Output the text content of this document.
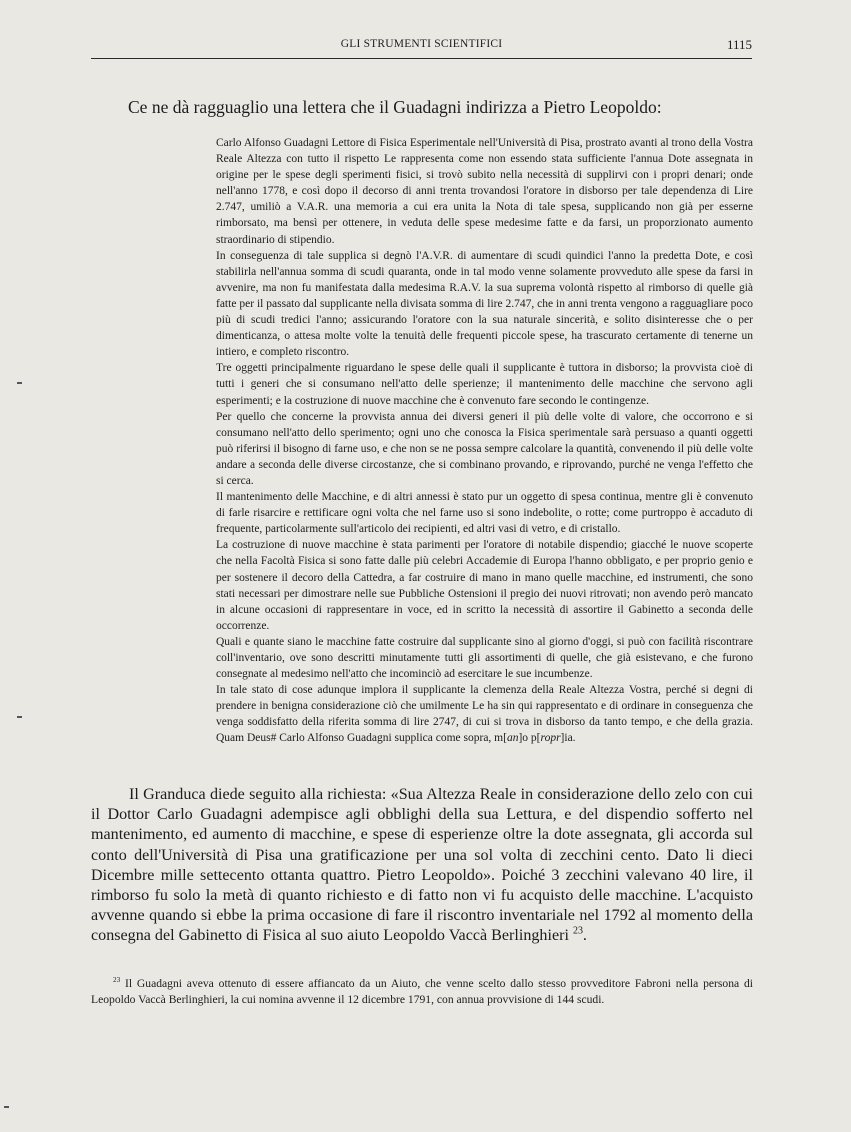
GLI STRUMENTI SCIENTIFICI	1115

Ce ne dà ragguaglio una lettera che il Guadagni indirizza a Pietro Leopoldo:

Carlo Alfonso Guadagni Lettore di Fisica Esperimentale nell'Università di Pisa, prostrato avanti al trono della Vostra Reale Altezza con tutto il rispetto Le rappresenta come non essendo stata sufficiente l'annua Dote assegnata in origine per le spese degli sperimenti fisici, si trovò subito nella necessità di supplirvi con i propri denari; onde nell'anno 1778, e così dopo il decorso di anni trenta trovandosi l'oratore in disborso per tale dependenza di Lire 2.747, umiliò a V.A.R. una memoria a cui era unita la Nota di tale spesa, supplicando non già per esserne rimborsato, ma bensì per ottenere, in veduta delle spese medesime fatte e da farsi, un proporzionato aumento straordinario di stipendio.

In conseguenza di tale supplica si degnò l'A.V.R. di aumentare di scudi quindici l'anno la predetta Dote, e così stabilirla nell'annua somma di scudi quaranta, onde in tal modo venne solamente provveduto alle spese da farsi in avvenire, ma non fu manifestata dalla medesima R.A.V. la sua suprema volontà rispetto al rimborso di quelle già fatte per il passato dal supplicante nella divisata somma di lire 2.747, che in anni trenta vengono a ragguagliare poco più di scudi tredici l'anno; assicurando l'oratore con la sua naturale sincerità, e solito disinteresse che o per dimenticanza, o attesa molte volte la tenuità delle frequenti piccole spese, ha trascurato certamente di tenerne un intiero, e completo riscontro.

Tre oggetti principalmente riguardano le spese delle quali il supplicante è tuttora in disborso; la provvista cioè di tutti i generi che si consumano nell'atto delle sperienze; il mantenimento delle macchine che servono agli esperimenti; e la costruzione di nuove macchine che è convenuto fare secondo le contingenze.

Per quello che concerne la provvista annua dei diversi generi il più delle volte di valore, che occorrono e si consumano nell'atto dello sperimento; ogni uno che conosca la Fisica sperimentale sarà persuaso a quanti oggetti può riferirsi il bisogno di farne uso, e che non se ne possa sempre calcolare la quantità, convenendo il più delle volte andare a seconda delle diverse circostanze, che si combinano provando, e riprovando, purché ne venga l'effetto che si cerca.

Il mantenimento delle Macchine, e di altri annessi è stato pur un oggetto di spesa continua, mentre gli è convenuto di farle risarcire e rettificare ogni volta che nel farne uso si sono indebolite, o rotte; come purtroppo è accaduto di frequente, particolarmente sull'articolo dei recipienti, ed altri vasi di vetro, e di cristallo.

La costruzione di nuove macchine è stata parimenti per l'oratore di notabile dispendio; giacché le nuove scoperte che nella Facoltà Fisica si sono fatte dalle più celebri Accademie di Europa l'hanno obbligato, e per proprio genio e per sostenere il decoro della Cattedra, a far costruire di mano in mano quelle macchine, ed instrumenti, che sono stati necessari per dimostrare nelle sue Pubbliche Ostensioni il pregio dei nuovi ritrovati; non avendo però mancato in alcune occasioni di rappresentare in voce, ed in scritto la necessità di assortire il Gabinetto a seconda delle occorrenze.

Quali e quante siano le macchine fatte costruire dal supplicante sino al giorno d'oggi, si può con facilità riscontrare coll'inventario, ove sono descritti minutamente tutti gli assortimenti di quelle, che già esistevano, e che furono consegnate al medesimo nell'atto che incominciò ad esercitare le sue incumbenze.

In tale stato di cose adunque implora il supplicante la clemenza della Reale Altezza Vostra, perché si degni di prendere in benigna considerazione ciò che umilmente Le ha sin qui rappresentato e di ordinare in conseguenza che venga soddisfatto della riferita somma di lire 2747, di cui si trova in disborso da tanto tempo, e che della grazia. Quam Deus# Carlo Alfonso Guadagni supplica come sopra, m[an]o p[ropr]ia.

Il Granduca diede seguito alla richiesta: «Sua Altezza Reale in considerazione dello zelo con cui il Dottor Carlo Guadagni adempisce agli obblighi della sua Lettura, e del dispendio sofferto nel mantenimento, ed aumento di macchine, e spese di esperienze oltre la dote assegnata, gli accorda sul conto dell'Università di Pisa una gratificazione per una sol volta di zecchini cento. Dato li dieci Dicembre mille settecento ottanta quattro. Pietro Leopoldo». Poiché 3 zecchini valevano 40 lire, il rimborso fu solo la metà di quanto richiesto e di fatto non vi fu acquisto delle macchine. L'acquisto avvenne quando si ebbe la prima occasione di fare il riscontro inventariale nel 1792 al momento della consegna del Gabinetto di Fisica al suo aiuto Leopoldo Vaccà Berlinghieri $^{23}$.

$^{23}$ Il Guadagni aveva ottenuto di essere affiancato da un Aiuto, che venne scelto dallo stesso provveditore Fabroni nella persona di Leopoldo Vaccà Berlinghieri, la cui nomina avvenne il 12 dicembre 1791, con annua provvisione di 144 scudi.
